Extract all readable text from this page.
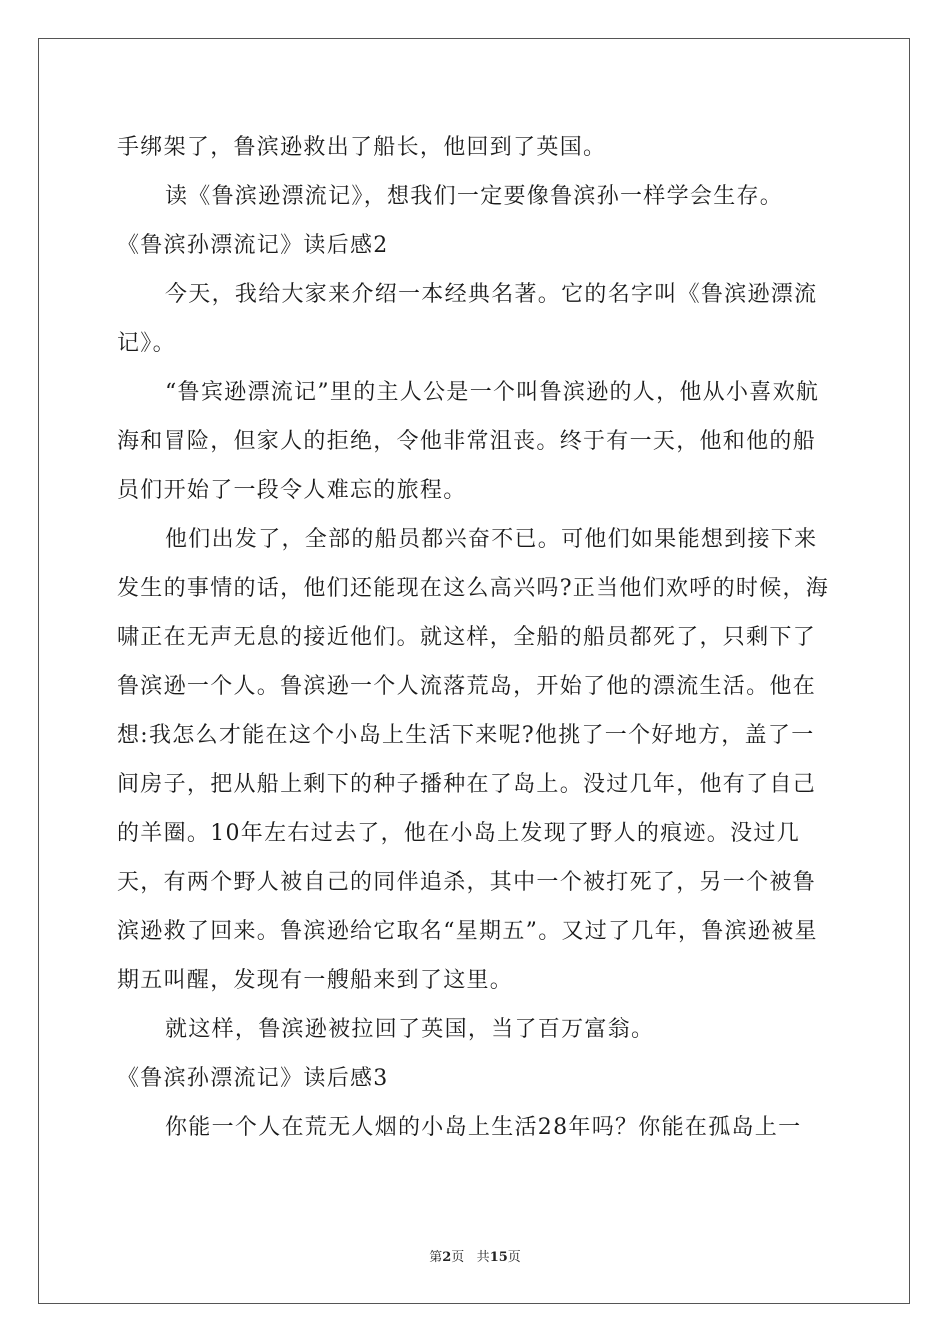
手绑架了，鲁滨逊救出了船长，他回到了英国。

读《鲁滨逊漂流记》，想我们一定要像鲁滨孙一样学会生存。

《鲁滨孙漂流记》读后感2

今天，我给大家来介绍一本经典名著。它的名字叫《鲁滨逊漂流记》。

“鲁宾逊漂流记”里的主人公是一个叫鲁滨逊的人，他从小喜欢航海和冒险，但家人的拒绝，令他非常沮丧。终于有一天，他和他的船员们开始了一段令人难忘的旅程。

他们出发了，全部的船员都兴奋不已。可他们如果能想到接下来发生的事情的话，他们还能现在这么高兴吗?正当他们欢呼的时候，海啸正在无声无息的接近他们。就这样，全船的船员都死了，只剩下了鲁滨逊一个人。鲁滨逊一个人流落荒岛，开始了他的漂流生活。他在想:我怎么才能在这个小岛上生活下来呢?他挑了一个好地方，盖了一间房子，把从船上剩下的种子播种在了岛上。没过几年，他有了自己的羊圈。10年左右过去了，他在小岛上发现了野人的痕迹。没过几天，有两个野人被自己的同伴追杀，其中一个被打死了，另一个被鲁滨逊救了回来。鲁滨逊给它取名“星期五”。又过了几年，鲁滨逊被星期五叫醒，发现有一艘船来到了这里。

就这样，鲁滨逊被拉回了英国，当了百万富翁。

《鲁滨孙漂流记》读后感3

你能一个人在荒无人烟的小岛上生活28年吗？你能在孤岛上一

第2页 共15页
